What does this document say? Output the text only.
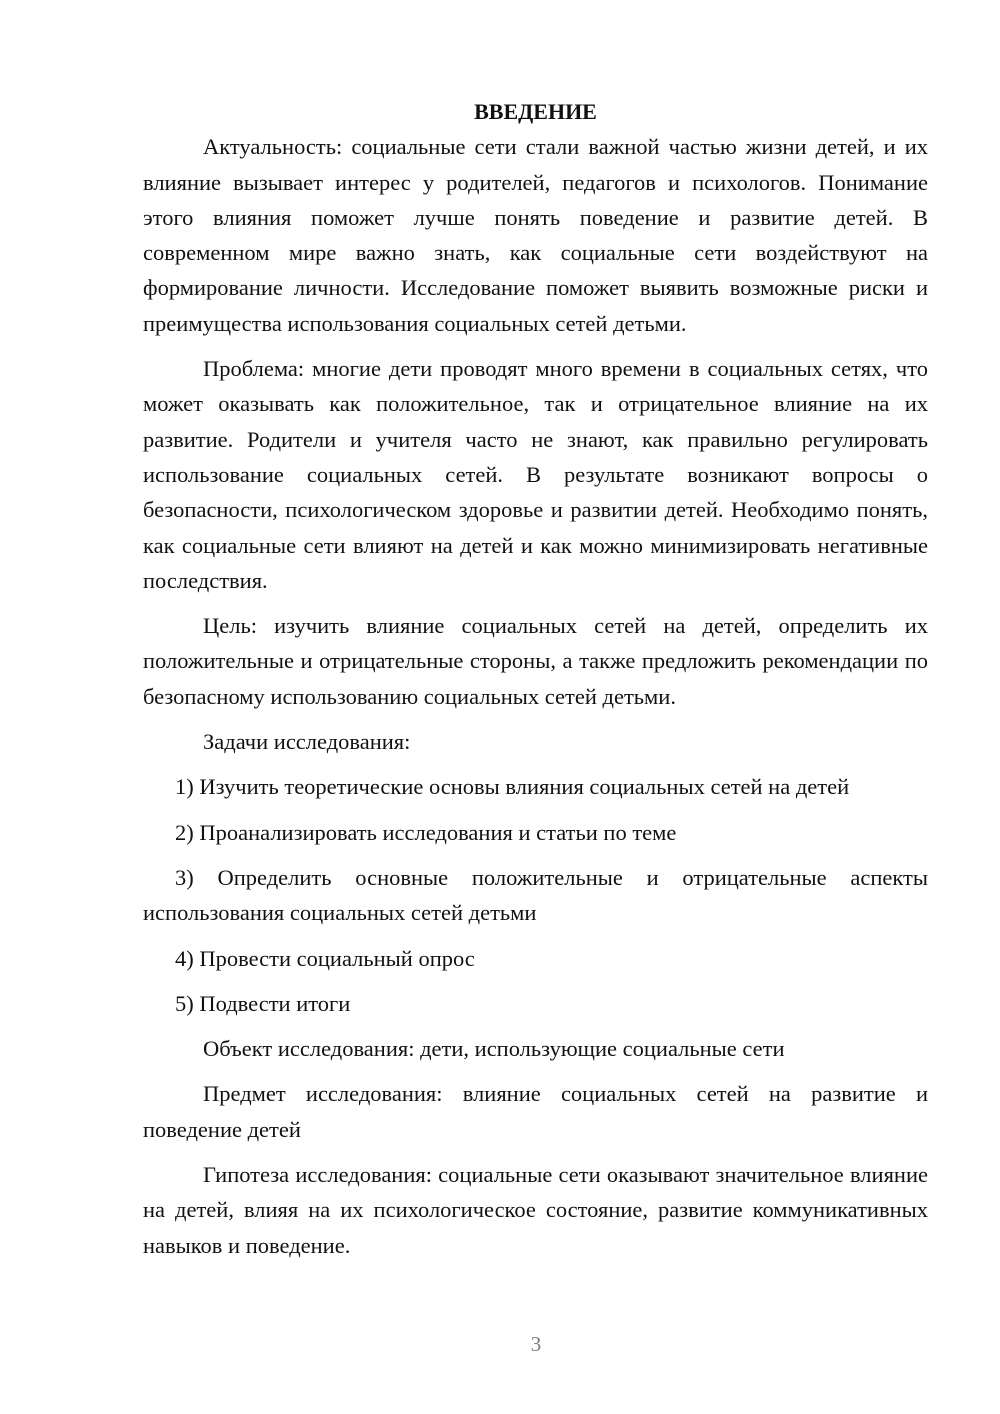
ВВЕДЕНИЕ

Актуальность: социальные сети стали важной частью жизни детей, и их влияние вызывает интерес у родителей, педагогов и психологов. Понимание этого влияния поможет лучше понять поведение и развитие детей. В современном мире важно знать, как социальные сети воздействуют на формирование личности. Исследование поможет выявить возможные риски и преимущества использования социальных сетей детьми.

Проблема: многие дети проводят много времени в социальных сетях, что может оказывать как положительное, так и отрицательное влияние на их развитие. Родители и учителя часто не знают, как правильно регулировать использование социальных сетей. В результате возникают вопросы о безопасности, психологическом здоровье и развитии детей. Необходимо понять, как социальные сети влияют на детей и как можно минимизировать негативные последствия.

Цель: изучить влияние социальных сетей на детей, определить их положительные и отрицательные стороны, а также предложить рекомендации по безопасному использованию социальных сетей детьми.

Задачи исследования:

1) Изучить теоретические основы влияния социальных сетей на детей

2) Проанализировать исследования и статьи по теме

3) Определить основные положительные и отрицательные аспекты использования социальных сетей детьми

4) Провести социальный опрос

5) Подвести итоги

Объект исследования: дети, использующие социальные сети

Предмет исследования: влияние социальных сетей на развитие и поведение детей

Гипотеза исследования: социальные сети оказывают значительное влияние на детей, влияя на их психологическое состояние, развитие коммуникативных навыков и поведение.

3
